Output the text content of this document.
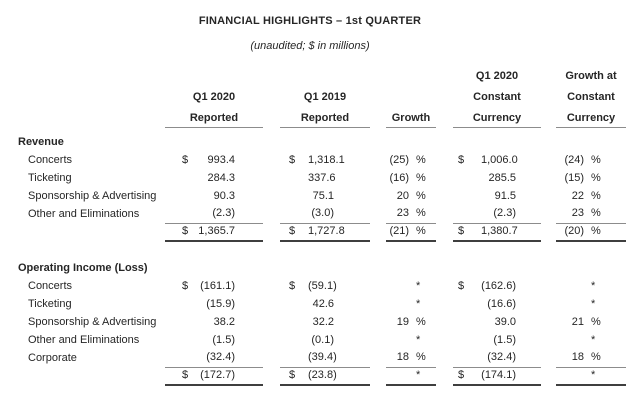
FINANCIAL HIGHLIGHTS – 1st QUARTER
(unaudited; $ in millions)
										Q1 2020			Growth at	
	Q1 2020			Q1 2019						Constant			Constant	
	Reported			Reported			Growth			Currency			Currency	

Revenue														
Concerts	$	993.4		$	1,318.1		(25)	%		$	1,006.0		(24)	%
Ticketing		284.3			337.6		(16)	%			285.5		(15)	%
Sponsorship & Advertising		90.3			75.1		20	%			91.5		22	%
Other and Eliminations		(2.3)			(3.0)		23	%			(2.3)		23	%
	$	1,365.7		$	1,727.8		(21)	%		$	1,380.7		(20)	%

Operating Income (Loss)														
Concerts	$	(161.1)		$	(59.1)			*		$	(162.6)			*
Ticketing		(15.9)			42.6			*			(16.6)			*
Sponsorship & Advertising		38.2			32.2		19	%			39.0		21	%
Other and Eliminations		(1.5)			(0.1)			*			(1.5)			*
Corporate		(32.4)			(39.4)		18	%			(32.4)		18	%
	$	(172.7)		$	(23.8)			*		$	(174.1)			*
